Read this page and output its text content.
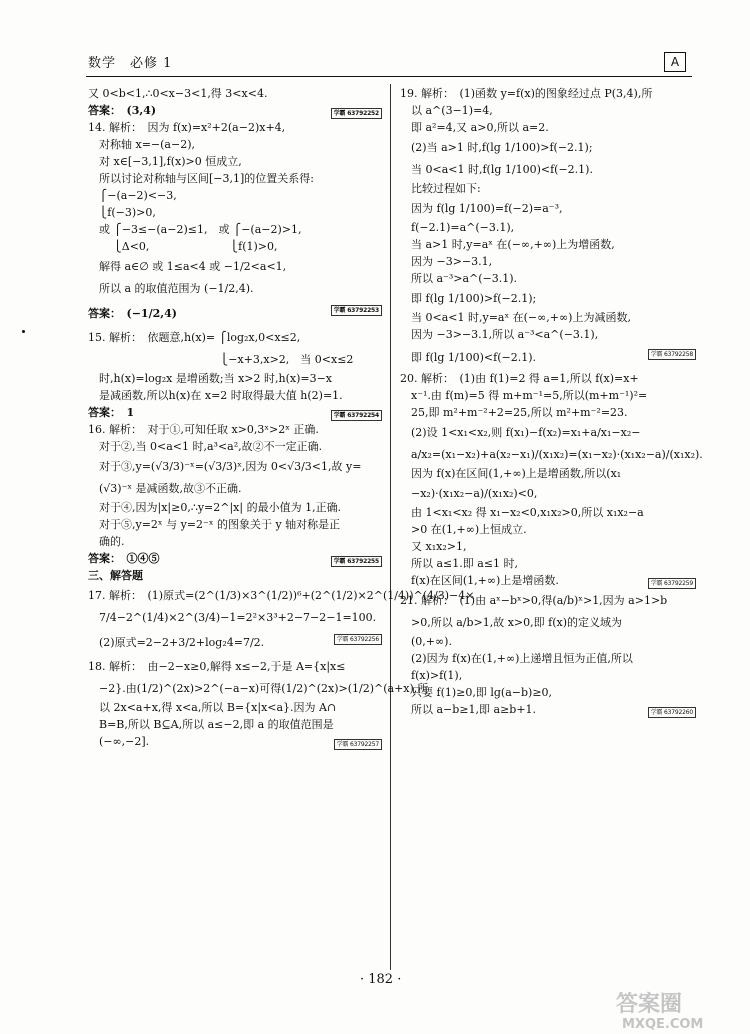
数学　必修 1	A
又 0<b<1,∴0<x−3<1,得 3<x<4.
答案：　(3,4)	学霸 63792252
14. 解析：　因为 f(x)=x²+2(a−2)x+4,
　对称轴 x=−(a−2),
　对 x∈[−3,1],f(x)>0 恒成立,
　所以讨论对称轴与区间[−3,1]的位置关系得:
　⎧−(a−2)<−3,
　⎩f(−3)>0,
　或 ⎧−3≤−(a−2)≤1,　或 ⎧−(a−2)>1,
　　 ⎩Δ<0,　　　　　　　 ⎩f(1)>0,
　解得 a∈∅ 或 1≤a<4 或 −1/2<a<1,
　所以 a 的取值范围为 (−1/2,4).
答案：　(−1/2,4)	学霸 63792253
15. 解析：　依题意,h(x)= ⎧log₂x,0<x≤2,
　　　　　　　　　　　　⎩−x+3,x>2,　当 0<x≤2
　时,h(x)=log₂x 是增函数;当 x>2 时,h(x)=3−x
　是减函数,所以h(x)在 x=2 时取得最大值 h(2)=1.
答案：　1	学霸 63792254
16. 解析：　对于①,可知任取 x>0,3ˣ>2ˣ 正确.
　对于②,当 0<a<1 时,a³<a²,故②不一定正确.
　对于③,y=(√3/3)⁻ˣ=(√3/3)ˣ,因为 0<√3/3<1,故 y=
　(√3)⁻ˣ 是减函数,故③不正确.
　对于④,因为|x|≥0,∴y=2^|x| 的最小值为 1,正确.
　对于⑤,y=2ˣ 与 y=2⁻ˣ 的图象关于 y 轴对称是正
　确的.
答案：　①④⑤	学霸 63792255
三、解答题
17. 解析：　(1)原式=(2^(1/3)×3^(1/2))⁶+(2^(1/2)×2^(1/4))^(4/3)−4×
　7/4−2^(1/4)×2^(3/4)−1=2²×3³+2−7−2−1=100.
　(2)原式=2−2+3/2+log₂4=7/2.	学霸 63792256
18. 解析：　由−2−x≥0,解得 x≤−2,于是 A={x|x≤
　−2}.由(1/2)^(2x)>2^(−a−x)可得(1/2)^(2x)>(1/2)^(a+x),所
　以 2x<a+x,得 x<a,所以 B={x|x<a}.因为 A∩
　B=B,所以 B⊆A,所以 a≤−2,即 a 的取值范围是
　(−∞,−2].	学霸 63792257
19. 解析：　(1)函数 y=f(x)的图象经过点 P(3,4),所
　以 a^(3−1)=4,
　即 a²=4,又 a>0,所以 a=2.
　(2)当 a>1 时,f(lg 1/100)>f(−2.1);
　当 0<a<1 时,f(lg 1/100)<f(−2.1).
　比较过程如下:
　因为 f(lg 1/100)=f(−2)=a⁻³,
　f(−2.1)=a^(−3.1),
　当 a>1 时,y=aˣ 在(−∞,+∞)上为增函数,
　因为 −3>−3.1,
　所以 a⁻³>a^(−3.1).
　即 f(lg 1/100)>f(−2.1);
　当 0<a<1 时,y=aˣ 在(−∞,+∞)上为减函数,
　因为 −3>−3.1,所以 a⁻³<a^(−3.1),
　即 f(lg 1/100)<f(−2.1).	学霸 63792258
20. 解析：　(1)由 f(1)=2 得 a=1,所以 f(x)=x+
　x⁻¹.由 f(m)=5 得 m+m⁻¹=5,所以(m+m⁻¹)²=
　25,即 m²+m⁻²+2=25,所以 m²+m⁻²=23.
　(2)设 1<x₁<x₂,则 f(x₁)−f(x₂)=x₁+a/x₁−x₂−
　a/x₂=(x₁−x₂)+a(x₂−x₁)/(x₁x₂)=(x₁−x₂)·(x₁x₂−a)/(x₁x₂).
　因为 f(x)在区间(1,+∞)上是增函数,所以(x₁
　−x₂)·(x₁x₂−a)/(x₁x₂)<0,
　由 1<x₁<x₂ 得 x₁−x₂<0,x₁x₂>0,所以 x₁x₂−a
　>0 在(1,+∞)上恒成立.
　又 x₁x₂>1,
　所以 a≤1.即 a≤1 时,
　f(x)在区间(1,+∞)上是增函数.	学霸 63792259
21. 解析：　(1)由 aˣ−bˣ>0,得(a/b)ˣ>1,因为 a>1>b
　>0,所以 a/b>1,故 x>0,即 f(x)的定义域为
　(0,+∞).
　(2)因为 f(x)在(1,+∞)上递增且恒为正值,所以
　f(x)>f(1),
　只要 f(1)≥0,即 lg(a−b)≥0,
　所以 a−b≥1,即 a≥b+1.	学霸 63792260
· 182 ·
答案圈
MXQE.COM
